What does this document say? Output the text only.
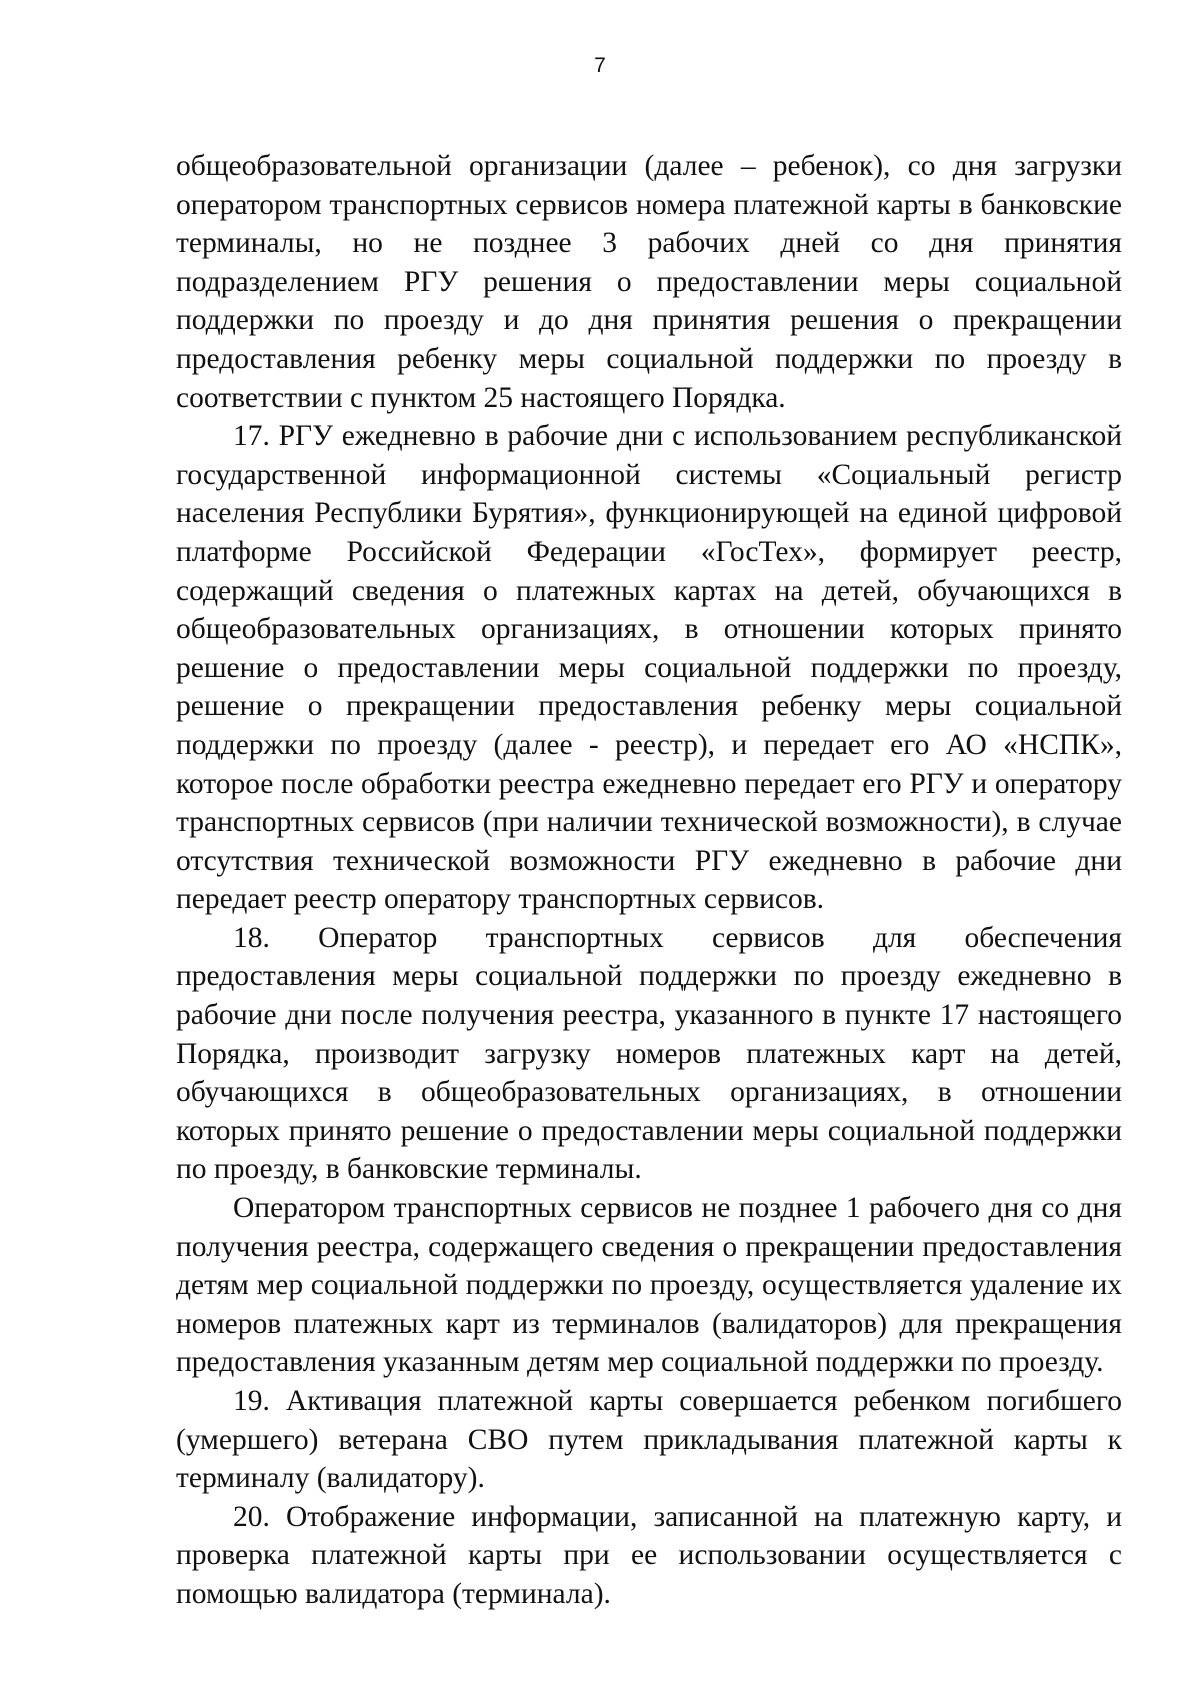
7

общеобразовательной организации (далее – ребенок), со дня загрузки оператором транспортных сервисов номера платежной карты в банковские терминалы, но не позднее 3 рабочих дней со дня принятия подразделением РГУ решения о предоставлении меры социальной поддержки по проезду и до дня принятия решения о прекращении предоставления ребенку меры социальной поддержки по проезду в соответствии с пунктом 25 настоящего Порядка.

17. РГУ ежедневно в рабочие дни с использованием республиканской государственной информационной системы «Социальный регистр населения Республики Бурятия», функционирующей на единой цифровой платформе Российской Федерации «ГосТех», формирует реестр, содержащий сведения о платежных картах на детей, обучающихся в общеобразовательных организациях, в отношении которых принято решение о предоставлении меры социальной поддержки по проезду, решение о прекращении предоставления ребенку меры социальной поддержки по проезду (далее - реестр), и передает его АО «НСПК», которое после обработки реестра ежедневно передает его РГУ и оператору транспортных сервисов (при наличии технической возможности), в случае отсутствия технической возможности РГУ ежедневно в рабочие дни передает реестр оператору транспортных сервисов.

18. Оператор транспортных сервисов для обеспечения предоставления меры социальной поддержки по проезду ежедневно в рабочие дни после получения реестра, указанного в пункте 17 настоящего Порядка, производит загрузку номеров платежных карт на детей, обучающихся в общеобразовательных организациях, в отношении которых принято решение о предоставлении меры социальной поддержки по проезду, в банковские терминалы.

Оператором транспортных сервисов не позднее 1 рабочего дня со дня получения реестра, содержащего сведения о прекращении предоставления детям мер социальной поддержки по проезду, осуществляется удаление их номеров платежных карт из терминалов (валидаторов) для прекращения предоставления указанным детям мер социальной поддержки по проезду.

19. Активация платежной карты совершается ребенком погибшего (умершего) ветерана СВО путем прикладывания платежной карты к терминалу (валидатору).

20. Отображение информации, записанной на платежную карту, и проверка платежной карты при ее использовании осуществляется с помощью валидатора (терминала).
